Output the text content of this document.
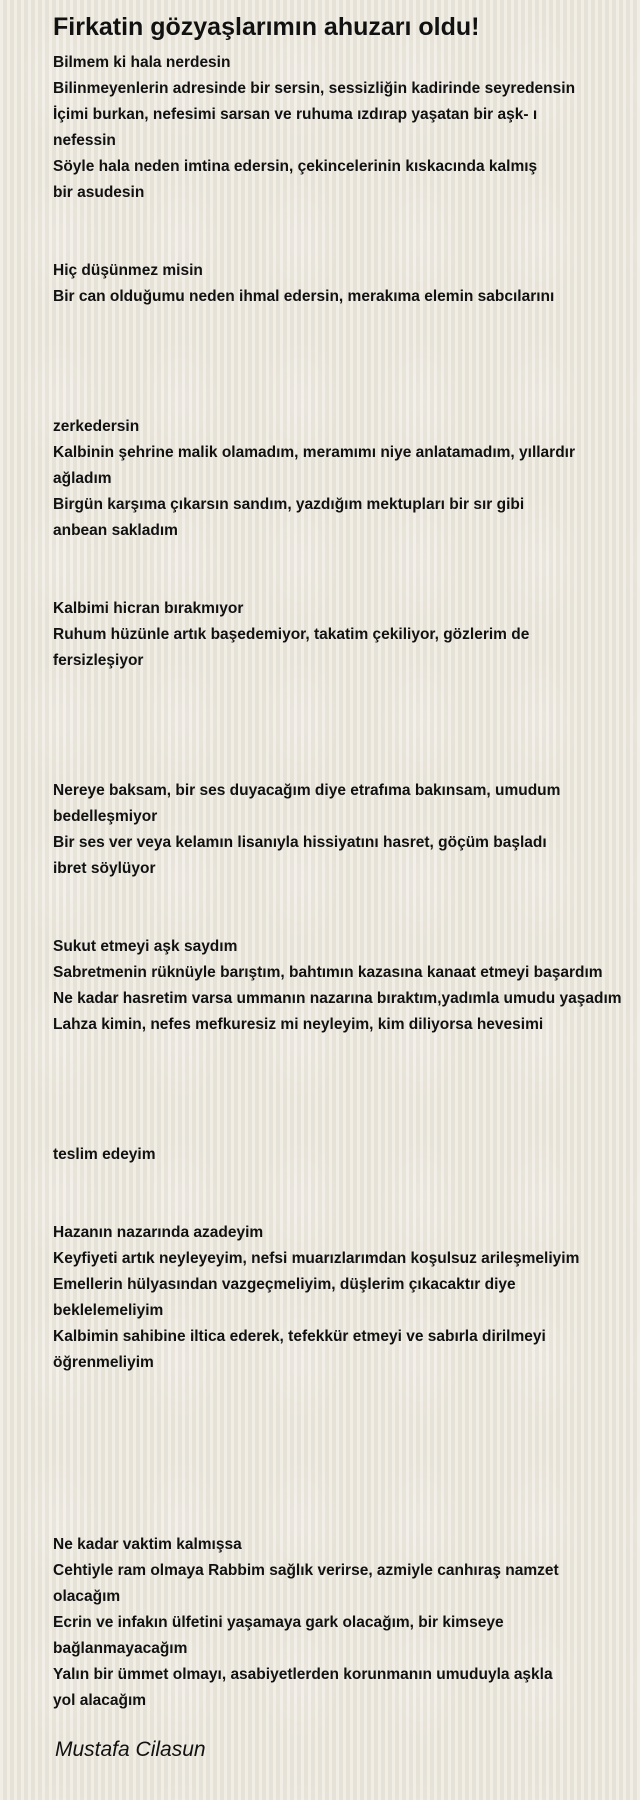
Firkatin gözyaşlarımın ahuzarı oldu!
Bilmem ki hala nerdesin
Bilinmeyenlerin adresinde bir sersin, sessizliğin kadirinde seyredensin
İçimi burkan, nefesimi sarsan ve ruhuma ızdırap yaşatan bir aşk- ı
nefessin
Söyle hala neden imtina edersin, çekincelerinin kıskacında kalmış
bir asudesin
Hiç düşünmez misin
Bir can olduğumu neden ihmal edersin, merakıma elemin sabcılarını
zerkedersin
Kalbinin şehrine malik olamadım, meramımı niye anlatamadım, yıllardır
ağladım
Birgün karşıma çıkarsın sandım, yazdığım mektupları bir sır gibi
anbean sakladım
Kalbimi hicran bırakmıyor
Ruhum hüzünle artık başedemiyor, takatim çekiliyor, gözlerim de
fersizleşiyor
Nereye baksam, bir ses duyacağım diye etrafıma bakınsam, umudum
bedelleşmiyor
Bir ses ver veya kelamın lisanıyla hissiyatını hasret, göçüm başladı
ibret söylüyor
Sukut etmeyi aşk saydım
Sabretmenin rüknüyle barıştım, bahtımın kazasına kanaat etmeyi başardım
Ne kadar hasretim varsa ummanın nazarına bıraktım,yadımla umudu yaşadım
Lahza kimin, nefes mefkuresiz mi neyleyim, kim diliyorsa hevesimi
teslim edeyim
Hazanın nazarında azadeyim
Keyfiyeti artık neyleyeyim, nefsi muarızlarımdan koşulsuz arileşmeliyim
Emellerin hülyasından vazgeçmeliyim, düşlerim çıkacaktır diye
beklelemeliyim
Kalbimin sahibine iltica ederek, tefekkür etmeyi ve sabırla dirilmeyi
öğrenmeliyim
Ne kadar vaktim kalmışsa
Cehtiyle ram olmaya Rabbim sağlık verirse, azmiyle canhıraş namzet
olacağım
Ecrin ve infakın ülfetini yaşamaya gark olacağım, bir kimseye
bağlanmayacağım
Yalın bir ümmet olmayı, asabiyetlerden korunmanın umuduyla aşkla
yol alacağım
Mustafa Cilasun
